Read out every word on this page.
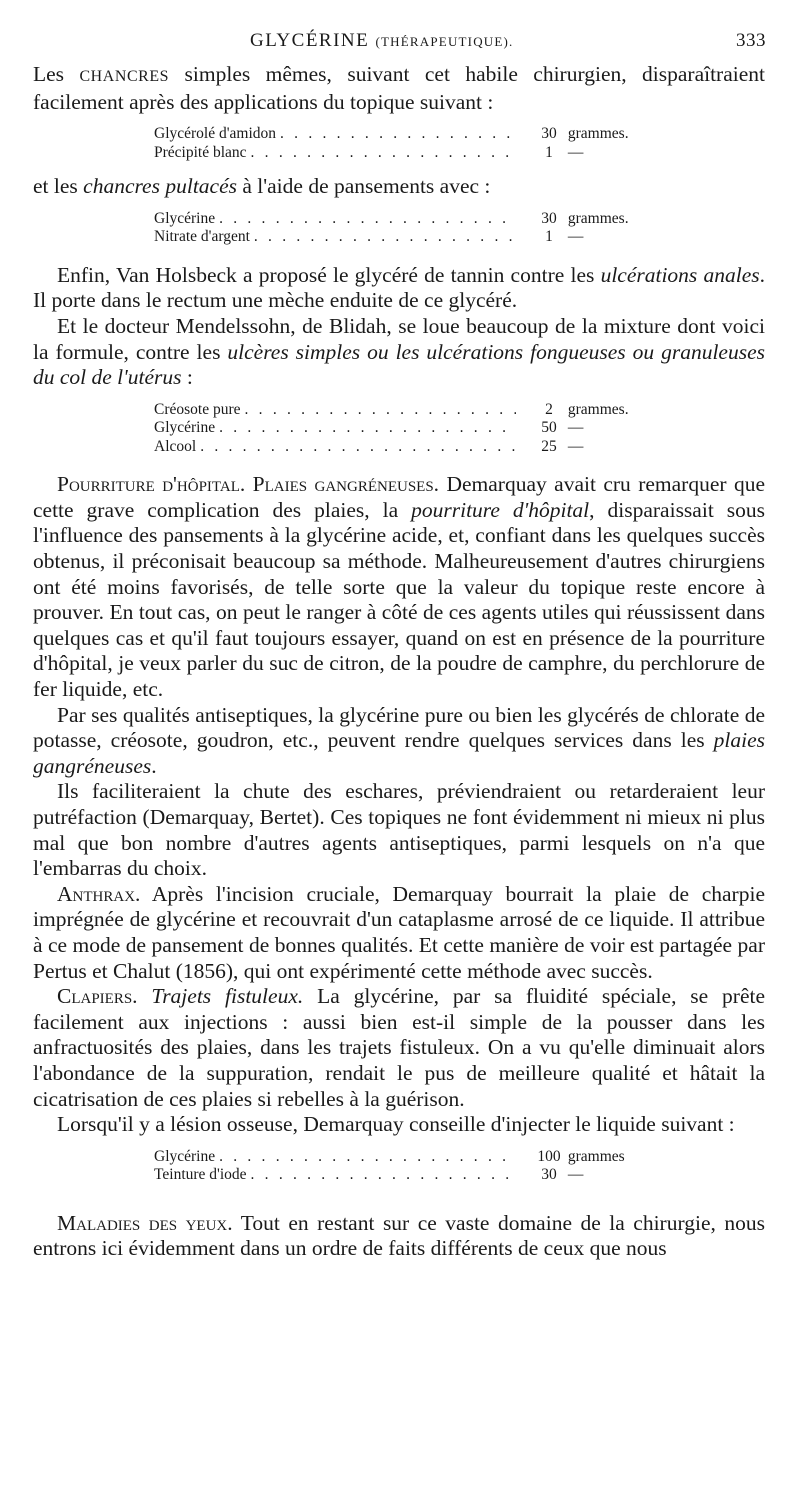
GLYCÉRINE (THÉRAPEUTIQUE).	333

Les CHANCRES simples mêmes, suivant cet habile chirurgien, disparaîtraient facilement après des applications du topique suivant :

Glycérolé d'amidon . . .	30 grammes.
Précipité blanc . . .	1 —

et les chancres pultacés à l'aide de pansements avec :

Glycérine . . .	30 grammes.
Nitrate d'argent . . .	1 —

Enfin, Van Holsbeck a proposé le glycéré de tannin contre les ulcérations anales. Il porte dans le rectum une mèche enduite de ce glycéré.

Et le docteur Mendelssohn, de Blidah, se loue beaucoup de la mixture dont voici la formule, contre les ulcères simples ou les ulcérations fongueuses ou granuleuses du col de l'utérus :

Créosote pure . . .	2 grammes.
Glycérine . . .	50 —
Alcool . . .	25 —

Pourriture d'hôpital. Plaies gangréneuses. Demarquay avait cru remarquer que cette grave complication des plaies, la pourriture d'hôpital, disparaissait sous l'influence des pansements à la glycérine acide, et, confiant dans les quelques succès obtenus, il préconisait beaucoup sa méthode. Malheureusement d'autres chirurgiens ont été moins favorisés, de telle sorte que la valeur du topique reste encore à prouver. En tout cas, on peut le ranger à côté de ces agents utiles qui réussissent dans quelques cas et qu'il faut toujours essayer, quand on est en présence de la pourriture d'hôpital, je veux parler du suc de citron, de la poudre de camphre, du perchlorure de fer liquide, etc.

Par ses qualités antiseptiques, la glycérine pure ou bien les glycérés de chlorate de potasse, créosote, goudron, etc., peuvent rendre quelques services dans les plaies gangréneuses.

Ils faciliteraient la chute des eschares, préviendraient ou retarderaient leur putréfaction (Demarquay, Bertet). Ces topiques ne font évidemment ni mieux ni plus mal que bon nombre d'autres agents antiseptiques, parmi lesquels on n'a que l'embarras du choix.

Anthrax. Après l'incision cruciale, Demarquay bourrait la plaie de charpie imprégnée de glycérine et recouvrait d'un cataplasme arrosé de ce liquide. Il attribue à ce mode de pansement de bonnes qualités. Et cette manière de voir est partagée par Pertus et Chalut (1856), qui ont expérimenté cette méthode avec succès.

Clapiers. Trajets fistuleux. La glycérine, par sa fluidité spéciale, se prête facilement aux injections : aussi bien est-il simple de la pousser dans les anfractuosités des plaies, dans les trajets fistuleux. On a vu qu'elle diminuait alors l'abondance de la suppuration, rendait le pus de meilleure qualité et hâtait la cicatrisation de ces plaies si rebelles à la guérison.

Lorsqu'il y a lésion osseuse, Demarquay conseille d'injecter le liquide suivant :

Glycérine . . .	100 grammes
Teinture d'iode . . .	30 —

Maladies des yeux. Tout en restant sur ce vaste domaine de la chirurgie, nous entrons ici évidemment dans un ordre de faits différents de ceux que nous
